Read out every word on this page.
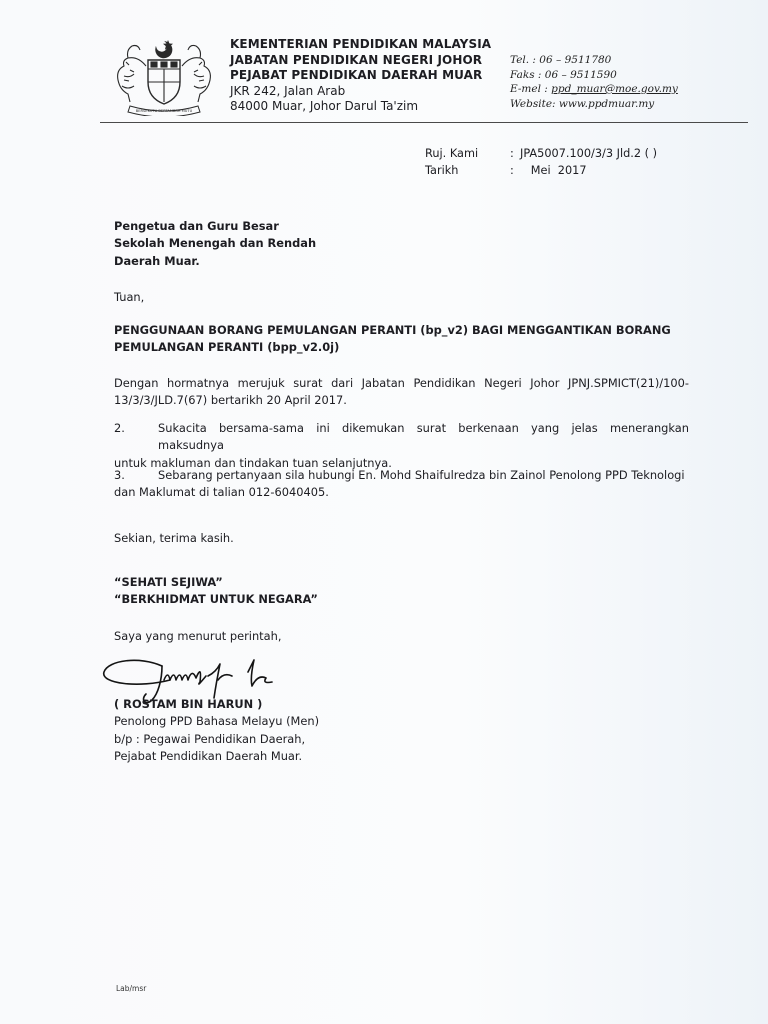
BERSEKUTU BERTAMBAH MUTU
KEMENTERIAN PENDIDIKAN MALAYSIA
JABATAN PENDIDIKAN NEGERI JOHOR
PEJABAT PENDIDIKAN DAERAH MUAR
JKR 242, Jalan Arab
84000 Muar, Johor Darul Ta'zim
Tel. : 06 – 9511780
Faks : 06 – 9511590
E-mel : ppd_muar@moe.gov.my
Website: www.ppdmuar.my
Ruj. Kami	: JPA5007.100/3/3 Jld.2 ( )
Tarikh	: Mei  2017
Pengetua dan Guru Besar
Sekolah Menengah dan Rendah
Daerah Muar.
Tuan,
PENGGUNAAN BORANG PEMULANGAN PERANTI (bp_v2) BAGI MENGGANTIKAN BORANG
PEMULANGAN PERANTI (bpp_v2.0j)
Dengan hormatnya merujuk surat dari Jabatan Pendidikan Negeri Johor JPNJ.SPMICT(21)/100-
13/3/3/JLD.7(67) bertarikh 20 April 2017.
2.	Sukacita bersama-sama ini dikemukan surat berkenaan yang jelas menerangkan maksudnya
untuk makluman dan tindakan tuan selanjutnya.
3.	Sebarang pertanyaan sila hubungi En. Mohd Shaifulredza bin Zainol Penolong PPD Teknologi
dan Maklumat di talian 012-6040405.
Sekian, terima kasih.
“SEHATI SEJIWA”
“BERKHIDMAT UNTUK NEGARA”
Saya yang menurut perintah,
( ROSTAM BIN HARUN )
Penolong PPD Bahasa Melayu (Men)
b/p : Pegawai Pendidikan Daerah,
Pejabat Pendidikan Daerah Muar.
Lab/msr
